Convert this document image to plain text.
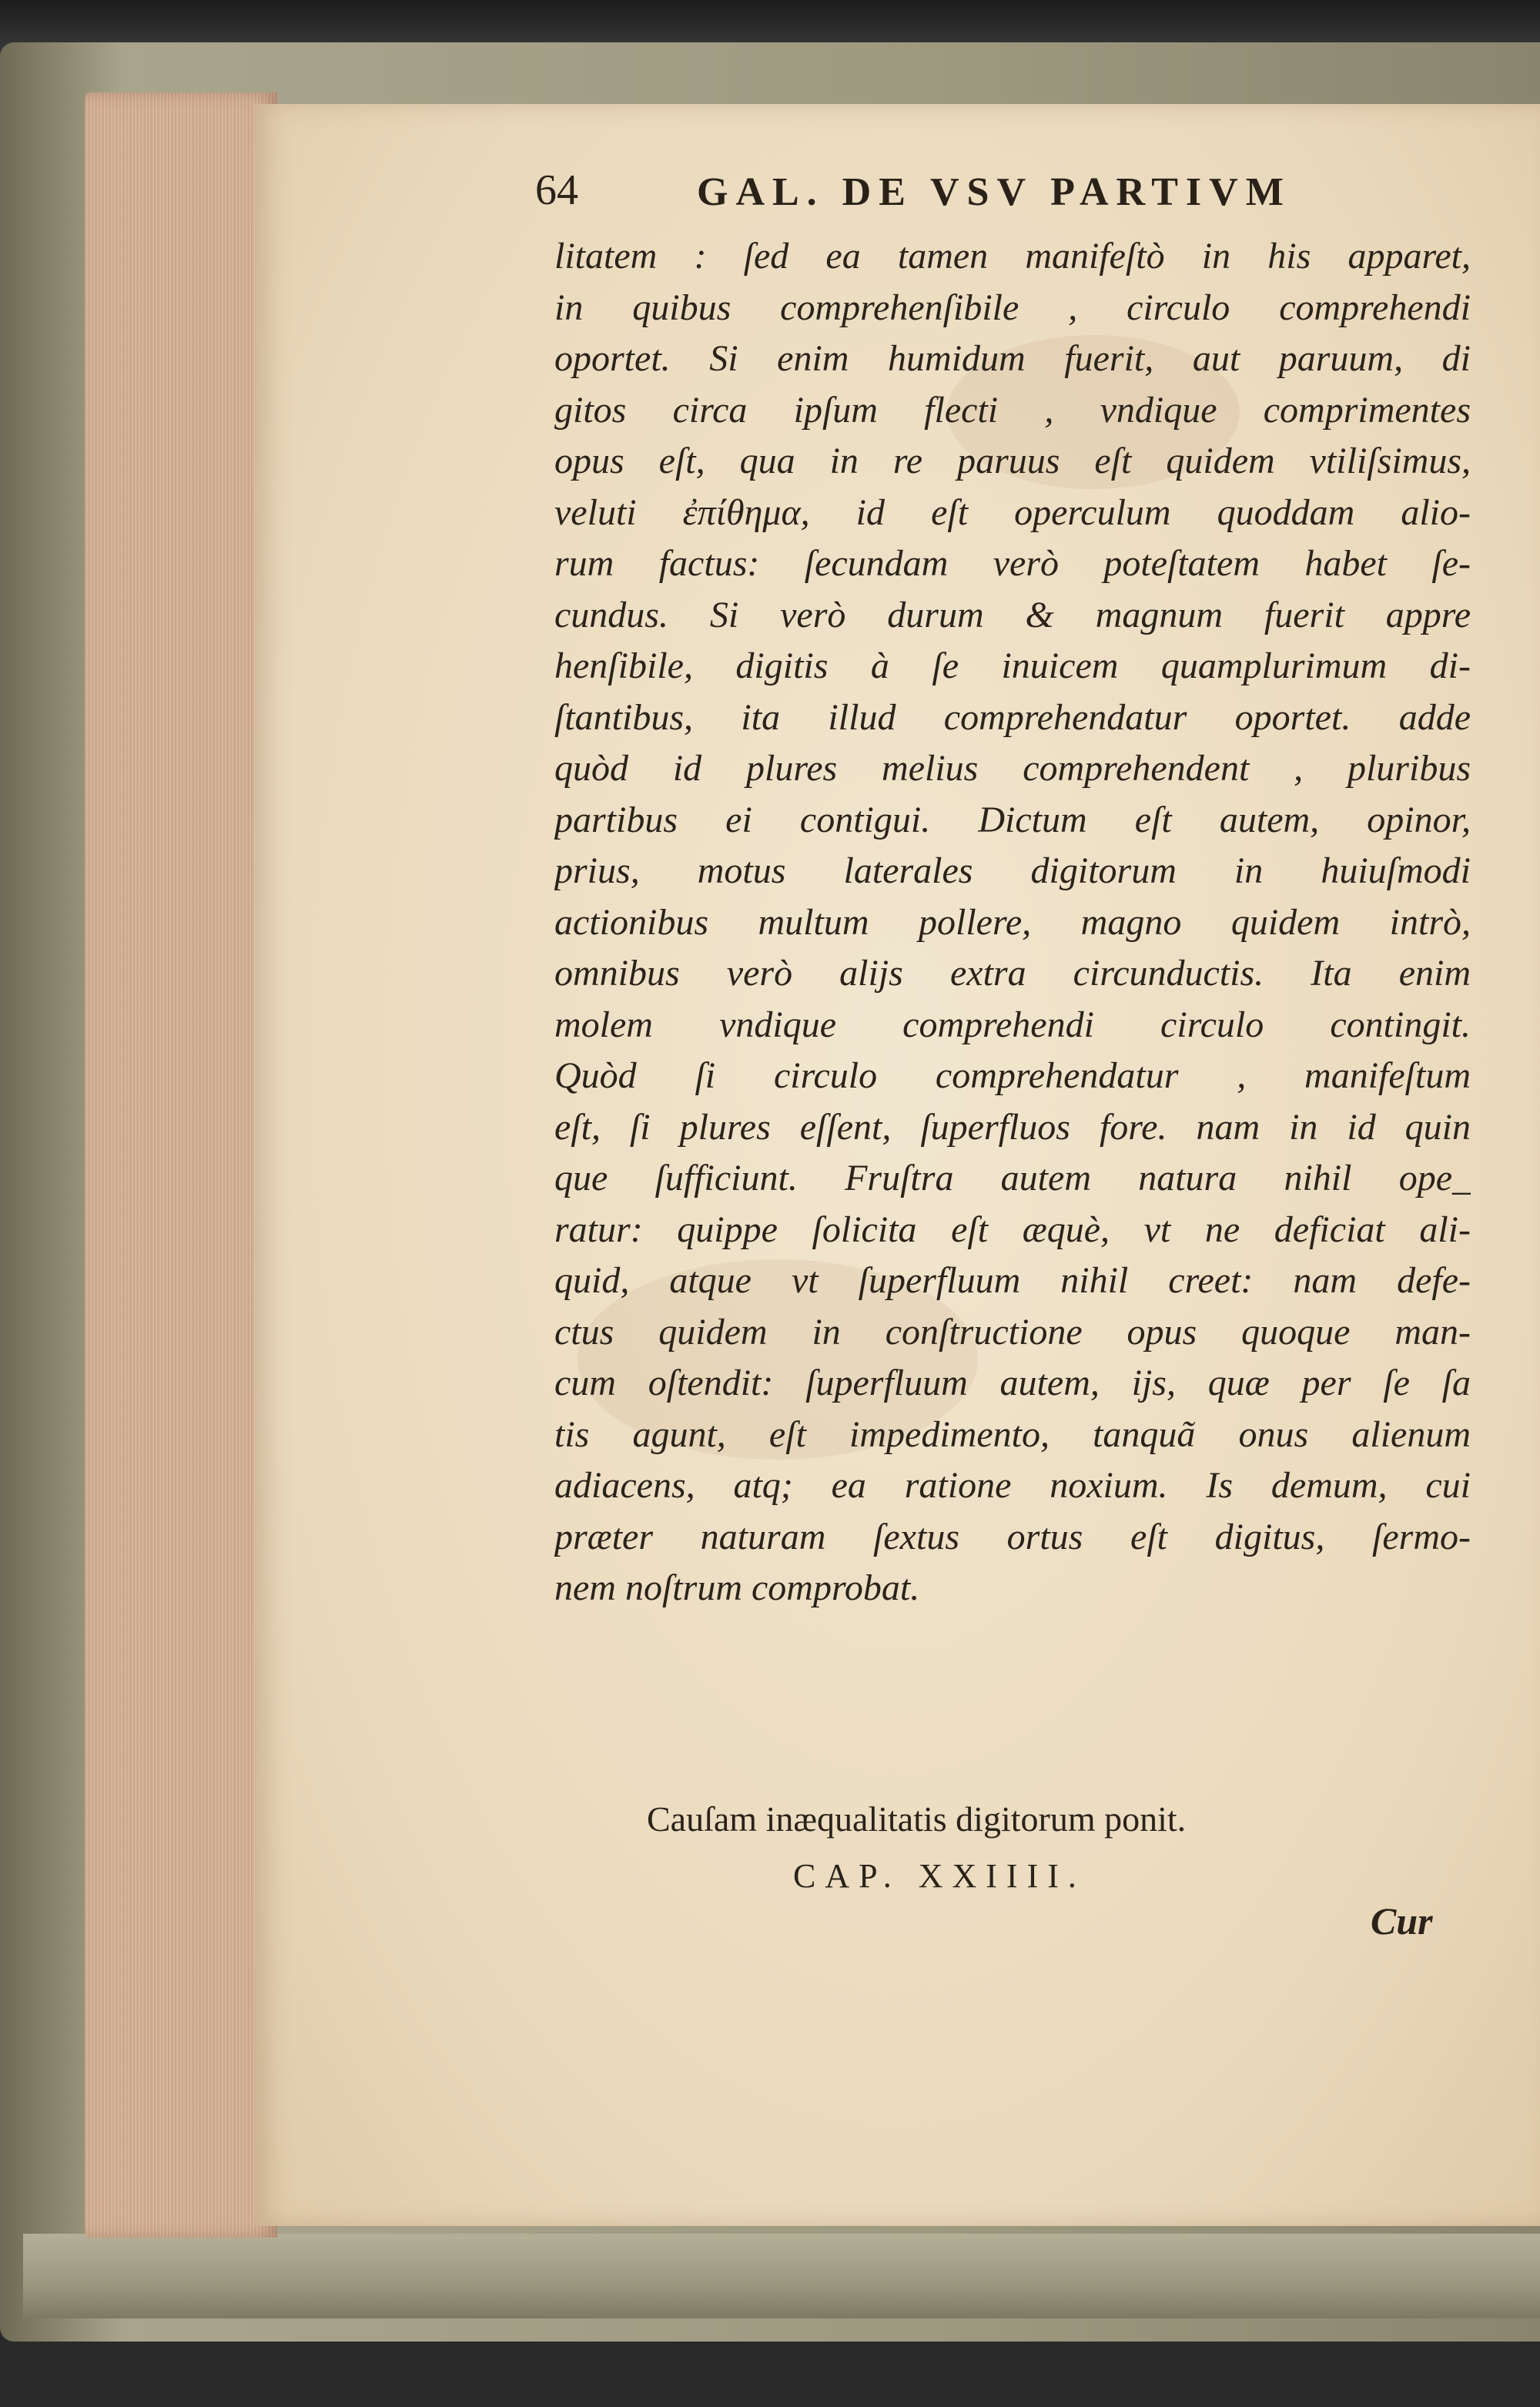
64	GAL. DE VSV PARTIVM
litatem : ſed ea tamen manifeſtò in his apparet,
in quibus comprehenſibile , circulo comprehendi
oportet. Si enim humidum fuerit, aut paruum, di
gitos circa ipſum flecti , vndique comprimentes
opus eſt, qua in re paruus eſt quidem vtiliſsimus,
veluti ἐπίθημα, id eſt operculum quoddam alio-
rum factus: ſecundam verò poteſtatem habet ſe-
cundus. Si verò durum & magnum fuerit appre
henſibile, digitis à ſe inuicem quamplurimum di-
ſtantibus, ita illud comprehendatur oportet. adde
quòd id plures melius comprehendent , pluribus
partibus ei contigui. Dictum eſt autem, opinor,
prius, motus laterales digitorum in huiuſmodi
actionibus multum pollere, magno quidem intrò,
omnibus verò alijs extra circunductis. Ita enim
molem vndique comprehendi circulo contingit.
Quòd ſi circulo comprehendatur , manifeſtum
eſt, ſi plures eſſent, ſuperfluos fore. nam in id quin
que ſufficiunt. Fruſtra autem natura nihil ope_
ratur: quippe ſolicita eſt æquè, vt ne deficiat ali-
quid, atque vt ſuperfluum nihil creet: nam defe-
ctus quidem in conſtructione opus quoque man-
cum oſtendit: ſuperfluum autem, ijs, quæ per ſe ſa
tis agunt, eſt impedimento, tanquã onus alienum
adiacens, atq; ea ratione noxium. Is demum, cui
præter naturam ſextus ortus eſt digitus, ſermo-
nem noſtrum comprobat.
Cauſam inæqualitatis digitorum ponit.
CAP. XXIIII.
Cur
